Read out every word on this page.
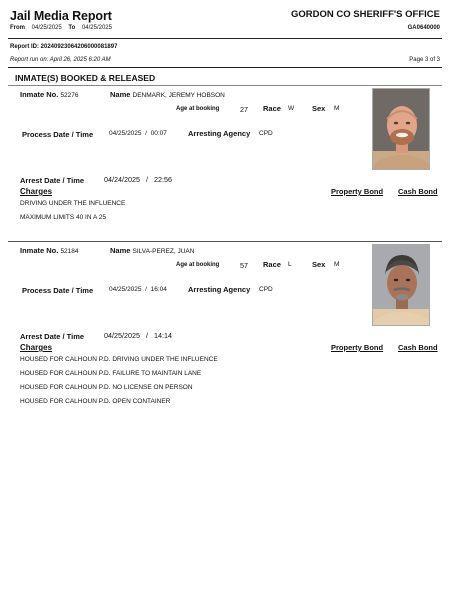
Jail Media Report	GORDON CO SHERIFF'S OFFICE
From 04/25/2025 To 04/25/2025	GA0640000
Report ID: 20240923064206000081897
Report run on: April 26, 2025 6:20 AM	Page 3 of 3
INMATE(S) BOOKED & RELEASED
Inmate No. 52276	Name DENMARK, JEREMY HOBSON
Age at booking	27 Race W Sex M
Process Date / Time 04/25/2025 / 00:07	Arresting Agency CPD
Arrest Date / Time	04/24/2025 / 22:56
Charges	Property Bond Cash Bond
DRIVING UNDER THE INFLUENCE
MAXIMUM LIMITS 40 IN A 25
Inmate No. 52184	Name SILVA-PEREZ, JUAN
Age at booking	57 Race L	Sex M
Process Date / Time 04/25/2025 / 16:04	Arresting Agency CPD
Arrest Date / Time	04/25/2025 / 14:14
Charges	Property Bond Cash Bond
HOUSED FOR CALHOUN P.D. DRIVING UNDER THE INFLUENCE
HOUSED FOR CALHOUN P.D. FAILURE TO MAINTAIN LANE
HOUSED FOR CALHOUN P.D. NO LICENSE ON PERSON
HOUSED FOR CALHOUN P.D. OPEN CONTAINER
